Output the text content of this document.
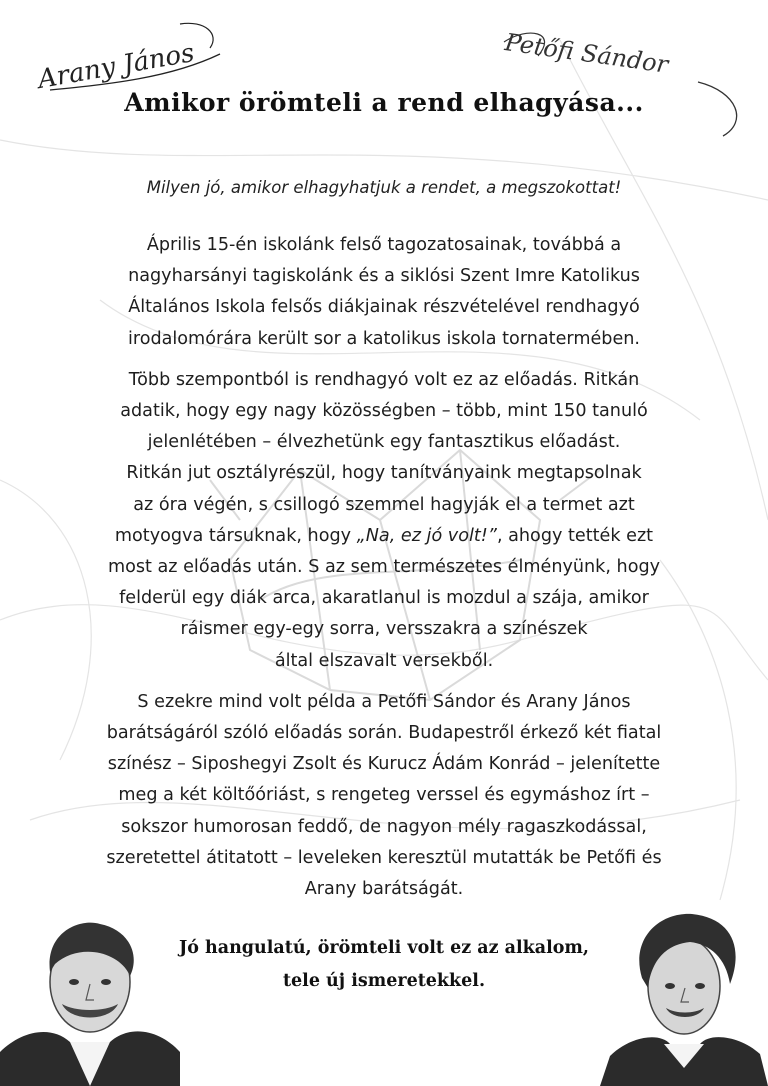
Arany János	Petőfi Sándor
Amikor örömteli a rend elhagyása...
Milyen jó, amikor elhagyhatjuk a rendet, a megszokottat!

Április 15-én iskolánk felső tagozatosainak, továbbá a
nagyharsányi tagiskolánk és a siklósi Szent Imre Katolikus
Általános Iskola felsős diákjainak részvételével rendhagyó
irodalomórára került sor a katolikus iskola tornatermében.

Több szempontból is rendhagyó volt ez az előadás. Ritkán
adatik, hogy egy nagy közösségben – több, mint 150 tanuló
jelenlétében – élvezhetünk egy fantasztikus előadást.
Ritkán jut osztályrészül, hogy tanítványaink megtapsolnak
az óra végén, s csillogó szemmel hagyják el a termet azt
motyogva társuknak, hogy „Na, ez jó volt!”, ahogy tették ezt
most az előadás után. S az sem természetes élményünk, hogy
felderül egy diák arca, akaratlanul is mozdul a szája, amikor
ráismer egy-egy sorra, versszakra a színészek
által elszavalt versekből.

S ezekre mind volt példa a Petőfi Sándor és Arany János
barátságáról szóló előadás során. Budapestről érkező két fiatal
színész – Siposhegyi Zsolt és Kurucz Ádám Konrád – jelenítette
meg a két költőóriást, s rengeteg verssel és egymáshoz írt –
sokszor humorosan feddő, de nagyon mély ragaszkodással,
szeretettel átitatott – leveleken keresztül mutatták be Petőfi és
Arany barátságát.

Jó hangulatú, örömteli volt ez az alkalom,
tele új ismeretekkel.
